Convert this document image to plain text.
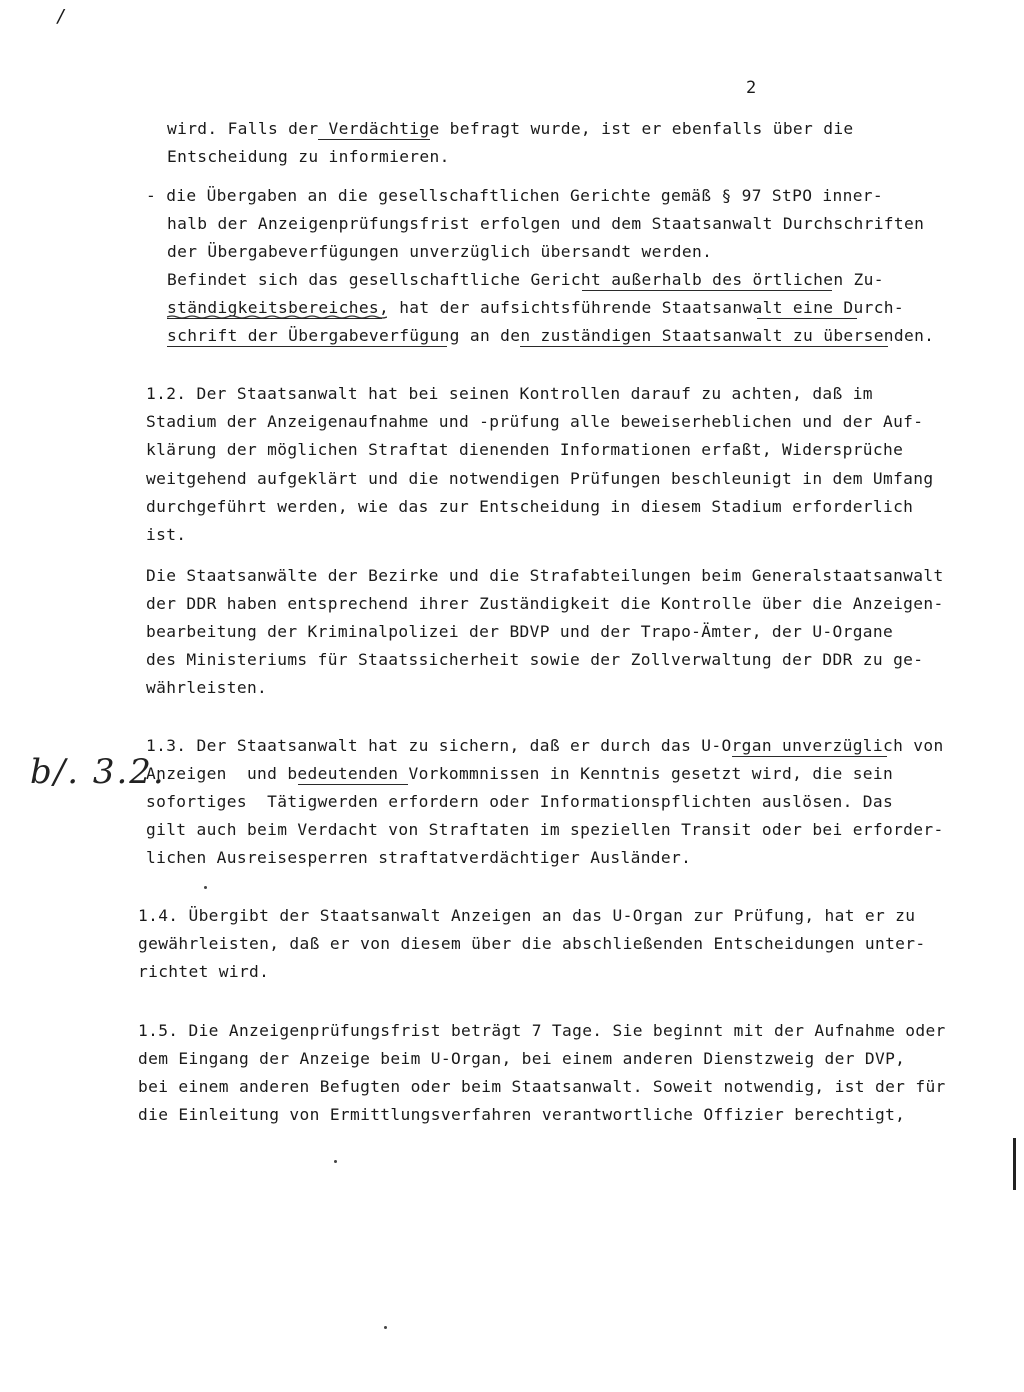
/
2
wird. Falls der Verdächtige befragt wurde, ist er ebenfalls über die
Entscheidung zu informieren.
- die Übergaben an die gesellschaftlichen Gerichte gemäß § 97 StPO inner-
halb der Anzeigenprüfungsfrist erfolgen und dem Staatsanwalt Durchschriften
der Übergabeverfügungen unverzüglich übersandt werden.
Befindet sich das gesellschaftliche Gericht außerhalb des örtlichen Zu-
ständigkeitsbereiches, hat der aufsichtsführende Staatsanwalt eine Durch-
schrift der Übergabeverfügung an den zuständigen Staatsanwalt zu übersenden.
1.2. Der Staatsanwalt hat bei seinen Kontrollen darauf zu achten, daß im
Stadium der Anzeigenaufnahme und -prüfung alle beweiserheblichen und der Auf-
klärung der möglichen Straftat dienenden Informationen erfaßt, Widersprüche
weitgehend aufgeklärt und die notwendigen Prüfungen beschleunigt in dem Umfang
durchgeführt werden, wie das zur Entscheidung in diesem Stadium erforderlich
ist.
Die Staatsanwälte der Bezirke und die Strafabteilungen beim Generalstaatsanwalt
der DDR haben entsprechend ihrer Zuständigkeit die Kontrolle über die Anzeigen-
bearbeitung der Kriminalpolizei der BDVP und der Trapo-Ämter, der U-Organe
des Ministeriums für Staatssicherheit sowie der Zollverwaltung der DDR zu ge-
währleisten.
1.3. Der Staatsanwalt hat zu sichern, daß er durch das U-Organ unverzüglich von
Anzeigen  und bedeutenden Vorkommnissen in Kenntnis gesetzt wird, die sein
sofortiges  Tätigwerden erfordern oder Informationspflichten auslösen. Das
gilt auch beim Verdacht von Straftaten im speziellen Transit oder bei erforder-
lichen Ausreisesperren straftatverdächtiger Ausländer.
1.4. Übergibt der Staatsanwalt Anzeigen an das U-Organ zur Prüfung, hat er zu
gewährleisten, daß er von diesem über die abschließenden Entscheidungen unter-
richtet wird.
1.5. Die Anzeigenprüfungsfrist beträgt 7 Tage. Sie beginnt mit der Aufnahme oder
dem Eingang der Anzeige beim U-Organ, bei einem anderen Dienstzweig der DVP,
bei einem anderen Befugten oder beim Staatsanwalt. Soweit notwendig, ist der für
die Einleitung von Ermittlungsverfahren verantwortliche Offizier berechtigt,
b/. 3.2.
